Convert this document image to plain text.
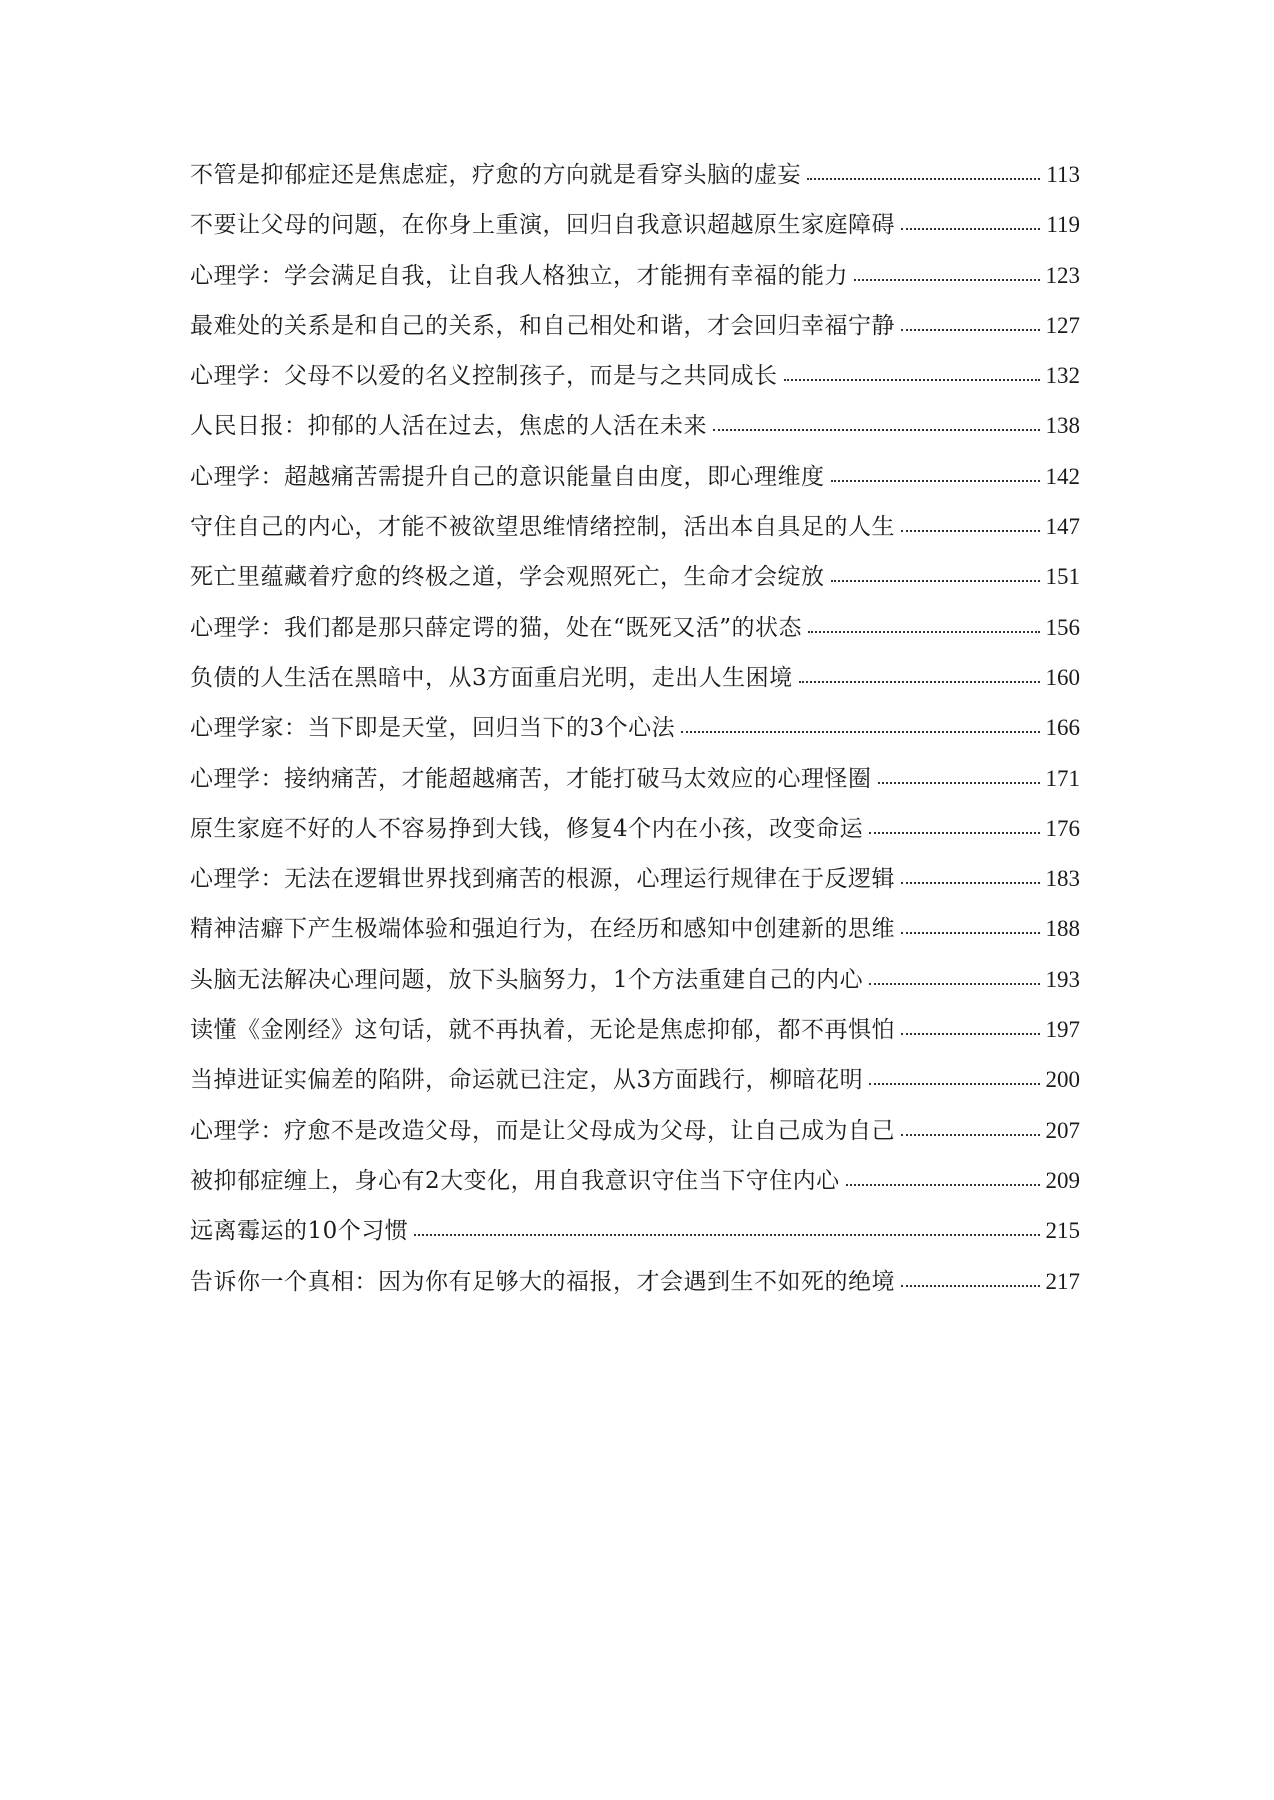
不管是抑郁症还是焦虑症，疗愈的方向就是看穿头脑的虚妄	113
不要让父母的问题，在你身上重演，回归自我意识超越原生家庭障碍	119
心理学：学会满足自我，让自我人格独立，才能拥有幸福的能力	123
最难处的关系是和自己的关系，和自己相处和谐，才会回归幸福宁静	127
心理学：父母不以爱的名义控制孩子，而是与之共同成长	132
人民日报：抑郁的人活在过去，焦虑的人活在未来	138
心理学：超越痛苦需提升自己的意识能量自由度，即心理维度	142
守住自己的内心，才能不被欲望思维情绪控制，活出本自具足的人生	147
死亡里蕴藏着疗愈的终极之道，学会观照死亡，生命才会绽放	151
心理学：我们都是那只薛定谔的猫，处在“既死又活”的状态	156
负债的人生活在黑暗中，从3方面重启光明，走出人生困境	160
心理学家：当下即是天堂，回归当下的3个心法	166
心理学：接纳痛苦，才能超越痛苦，才能打破马太效应的心理怪圈	171
原生家庭不好的人不容易挣到大钱，修复4个内在小孩，改变命运	176
心理学：无法在逻辑世界找到痛苦的根源，心理运行规律在于反逻辑	183
精神洁癖下产生极端体验和强迫行为，在经历和感知中创建新的思维	188
头脑无法解决心理问题，放下头脑努力，1个方法重建自己的内心	193
读懂《金刚经》这句话，就不再执着，无论是焦虑抑郁，都不再惧怕	197
当掉进证实偏差的陷阱，命运就已注定，从3方面践行，柳暗花明	200
心理学：疗愈不是改造父母，而是让父母成为父母，让自己成为自己	207
被抑郁症缠上，身心有2大变化，用自我意识守住当下守住内心	209
远离霉运的10个习惯	215
告诉你一个真相：因为你有足够大的福报，才会遇到生不如死的绝境	217
